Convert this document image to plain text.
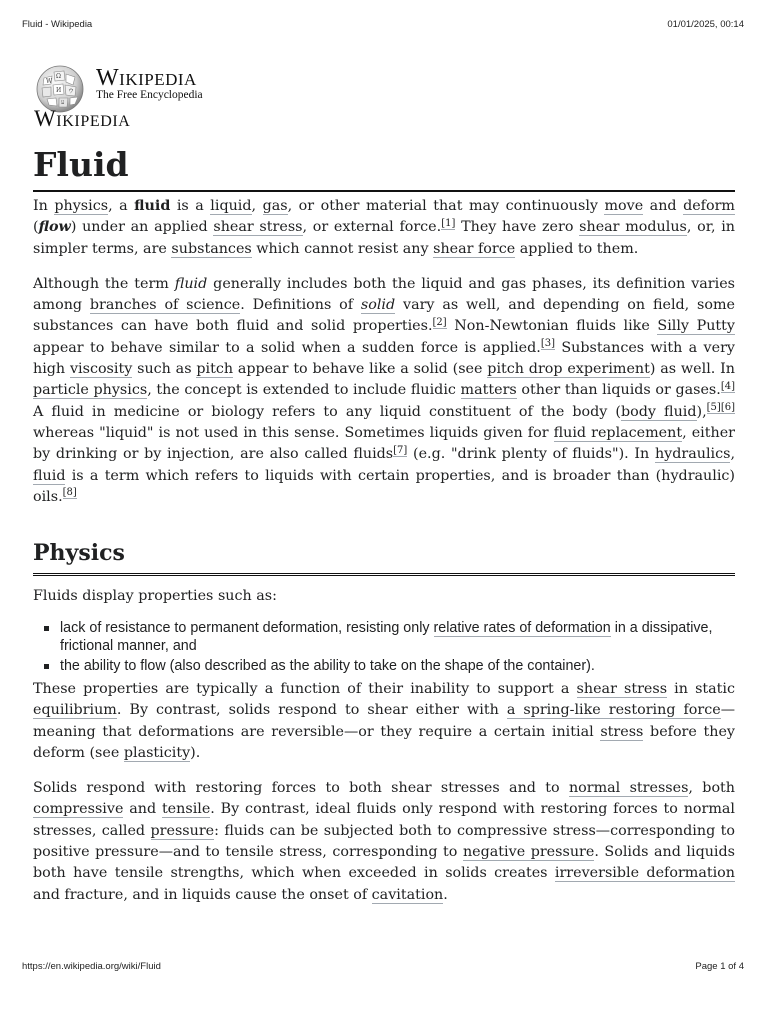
Fluid - Wikipedia	01/01/2025, 00:14
W
Ω
И ウ
ע
Wikipedia
The Free Encyclopedia
Wikipedia
Fluid

In physics, a fluid is a liquid, gas, or other material that may continuously move and deform (flow) under an applied shear stress, or external force.[1] They have zero shear modulus, or, in simpler terms, are substances which cannot resist any shear force applied to them.

Although the term fluid generally includes both the liquid and gas phases, its definition varies among branches of science. Definitions of solid vary as well, and depending on field, some substances can have both fluid and solid properties.[2] Non-Newtonian fluids like Silly Putty appear to behave similar to a solid when a sudden force is applied.[3] Substances with a very high viscosity such as pitch appear to behave like a solid (see pitch drop experiment) as well. In particle physics, the concept is extended to include fluidic matters other than liquids or gases.[4] A fluid in medicine or biology refers to any liquid constituent of the body (body fluid),[5][6] whereas "liquid" is not used in this sense. Sometimes liquids given for fluid replacement, either by drinking or by injection, are also called fluids[7] (e.g. "drink plenty of fluids"). In hydraulics, fluid is a term which refers to liquids with certain properties, and is broader than (hydraulic) oils.[8]

Physics

Fluids display properties such as:

lack of resistance to permanent deformation, resisting only relative rates of deformation in a dissipative, frictional manner, and
the ability to flow (also described as the ability to take on the shape of the container).

These properties are typically a function of their inability to support a shear stress in static equilibrium. By contrast, solids respond to shear either with a spring-like restoring force—meaning that deformations are reversible—or they require a certain initial stress before they deform (see plasticity).

Solids respond with restoring forces to both shear stresses and to normal stresses, both compressive and tensile. By contrast, ideal fluids only respond with restoring forces to normal stresses, called pressure: fluids can be subjected both to compressive stress—corresponding to positive pressure—and to tensile stress, corresponding to negative pressure. Solids and liquids both have tensile strengths, which when exceeded in solids creates irreversible deformation and fracture, and in liquids cause the onset of cavitation.

https://en.wikipedia.org/wiki/Fluid	Page 1 of 4
